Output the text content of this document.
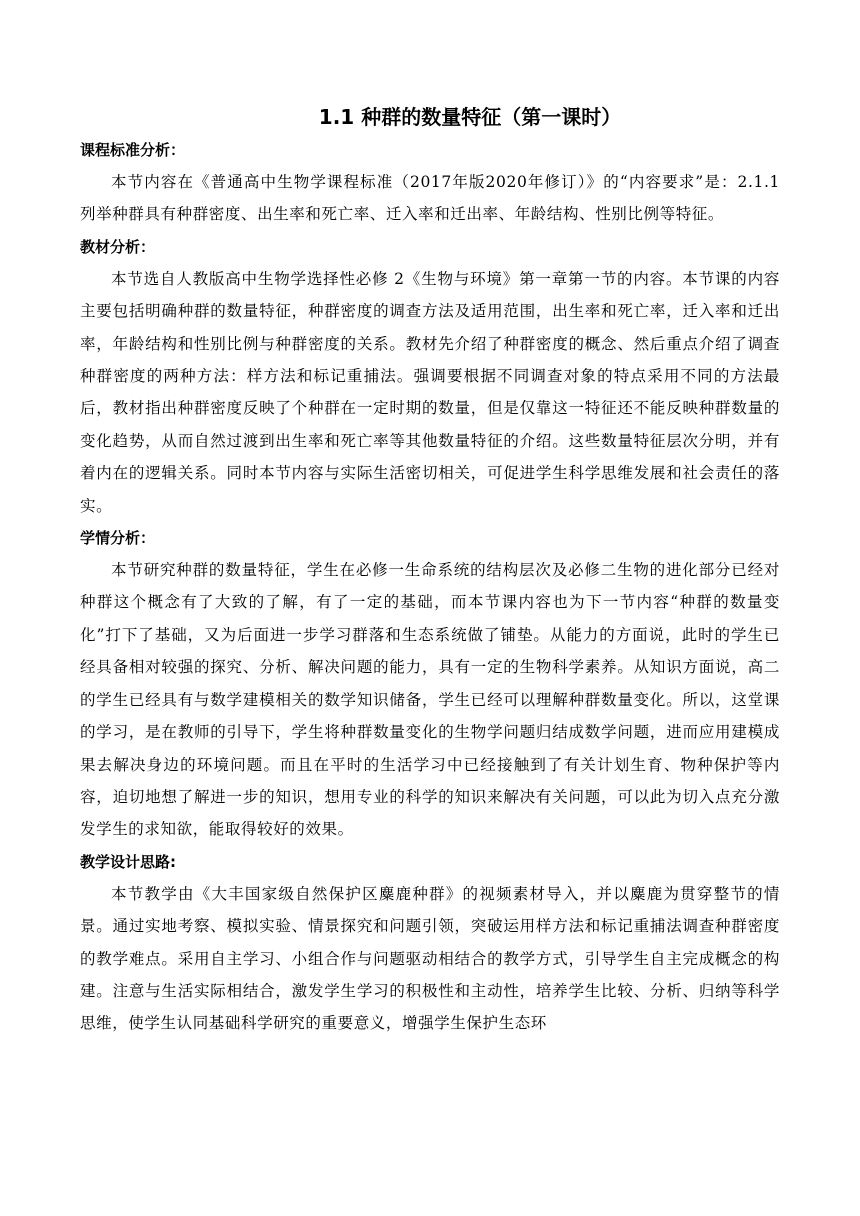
1.1 种群的数量特征（第一课时）
课程标准分析：

本节内容在《普通高中生物学课程标准（2017年版2020年修订）》的“内容要求”是：2.1.1 列举种群具有种群密度、出生率和死亡率、迁入率和迁出率、年龄结构、性别比例等特征。

教材分析：

本节选自人教版高中生物学选择性必修 2《生物与环境》第一章第一节的内容。本节课的内容主要包括明确种群的数量特征，种群密度的调查方法及适用范围，出生率和死亡率，迁入率和迁出率，年龄结构和性别比例与种群密度的关系。教材先介绍了种群密度的概念、然后重点介绍了调查种群密度的两种方法：样方法和标记重捕法。强调要根据不同调查对象的特点采用不同的方法最后，教材指出种群密度反映了个种群在一定时期的数量，但是仅靠这一特征还不能反映种群数量的变化趋势，从而自然过渡到出生率和死亡率等其他数量特征的介绍。这些数量特征层次分明，并有着内在的逻辑关系。同时本节内容与实际生活密切相关，可促进学生科学思维发展和社会责任的落实。

学情分析：

本节研究种群的数量特征，学生在必修一生命系统的结构层次及必修二生物的进化部分已经对种群这个概念有了大致的了解，有了一定的基础，而本节课内容也为下一节内容“种群的数量变化”打下了基础，又为后面进一步学习群落和生态系统做了铺垫。从能力的方面说，此时的学生已经具备相对较强的探究、分析、解决问题的能力，具有一定的生物科学素养。从知识方面说，高二的学生已经具有与数学建模相关的数学知识储备，学生已经可以理解种群数量变化。所以，这堂课的学习，是在教师的引导下，学生将种群数量变化的生物学问题归结成数学问题，进而应用建模成果去解决身边的环境问题。而且在平时的生活学习中已经接触到了有关计划生育、物种保护等内容，迫切地想了解进一步的知识，想用专业的科学的知识来解决有关问题，可以此为切入点充分激发学生的求知欲，能取得较好的效果。

教学设计思路:

本节教学由《大丰国家级自然保护区麋鹿种群》的视频素材导入，并以麋鹿为贯穿整节的情景。通过实地考察、模拟实验、情景探究和问题引领，突破运用样方法和标记重捕法调查种群密度的教学难点。采用自主学习、小组合作与问题驱动相结合的教学方式，引导学生自主完成概念的构建。注意与生活实际相结合，激发学生学习的积极性和主动性，培养学生比较、分析、归纳等科学思维，使学生认同基础科学研究的重要意义，增强学生保护生态环
